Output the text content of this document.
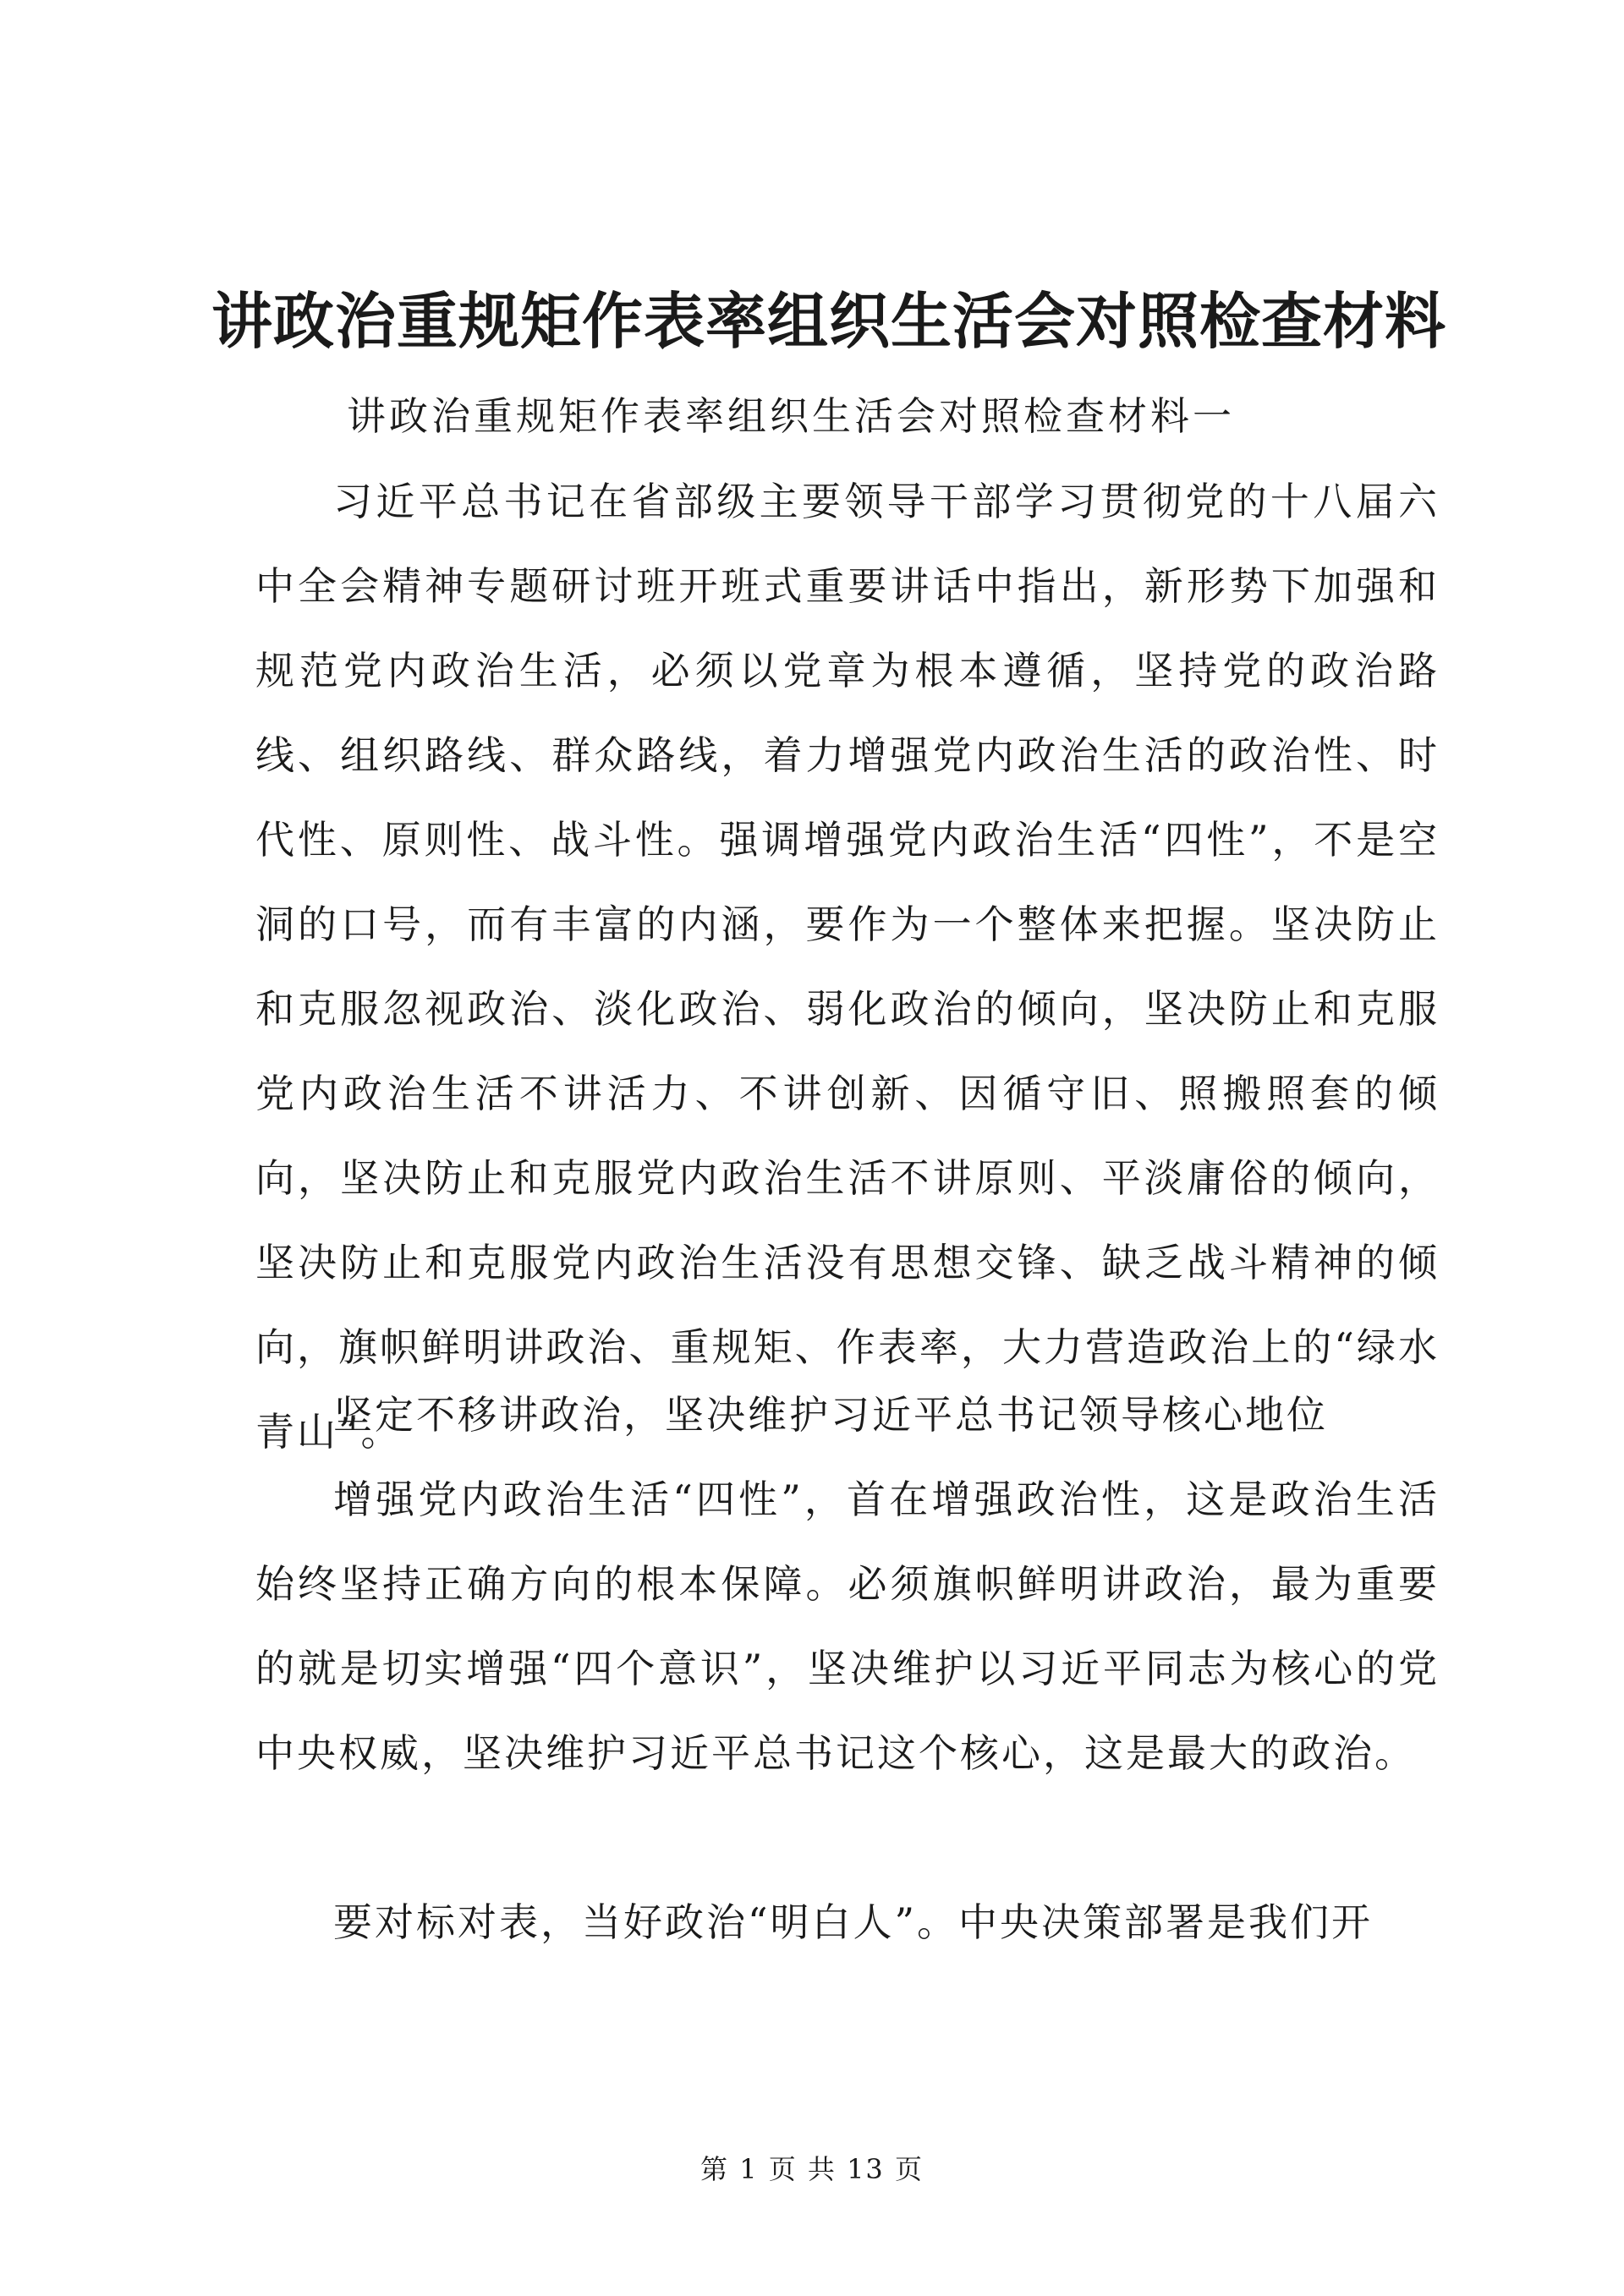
讲政治重规矩作表率组织生活会对照检查材料

讲政治重规矩作表率组织生活会对照检查材料一

习近平总书记在省部级主要领导干部学习贯彻党的十八届六中全会精神专题研讨班开班式重要讲话中指出，新形势下加强和规范党内政治生活，必须以党章为根本遵循，坚持党的政治路线、组织路线、群众路线，着力增强党内政治生活的政治性、时代性、原则性、战斗性。强调增强党内政治生活“四性”，不是空洞的口号，而有丰富的内涵，要作为一个整体来把握。坚决防止和克服忽视政治、淡化政治、弱化政治的倾向，坚决防止和克服党内政治生活不讲活力、不讲创新、因循守旧、照搬照套的倾向，坚决防止和克服党内政治生活不讲原则、平淡庸俗的倾向，坚决防止和克服党内政治生活没有思想交锋、缺乏战斗精神的倾向，旗帜鲜明讲政治、重规矩、作表率，大力营造政治上的“绿水青山”。

坚定不移讲政治，坚决维护习近平总书记领导核心地位

增强党内政治生活“四性”，首在增强政治性，这是政治生活始终坚持正确方向的根本保障。必须旗帜鲜明讲政治，最为重要的就是切实增强“四个意识”，坚决维护以习近平同志为核心的党中央权威，坚决维护习近平总书记这个核心，这是最大的政治。

要对标对表，当好政治“明白人”。中央决策部署是我们开

第 1 页 共 13 页
